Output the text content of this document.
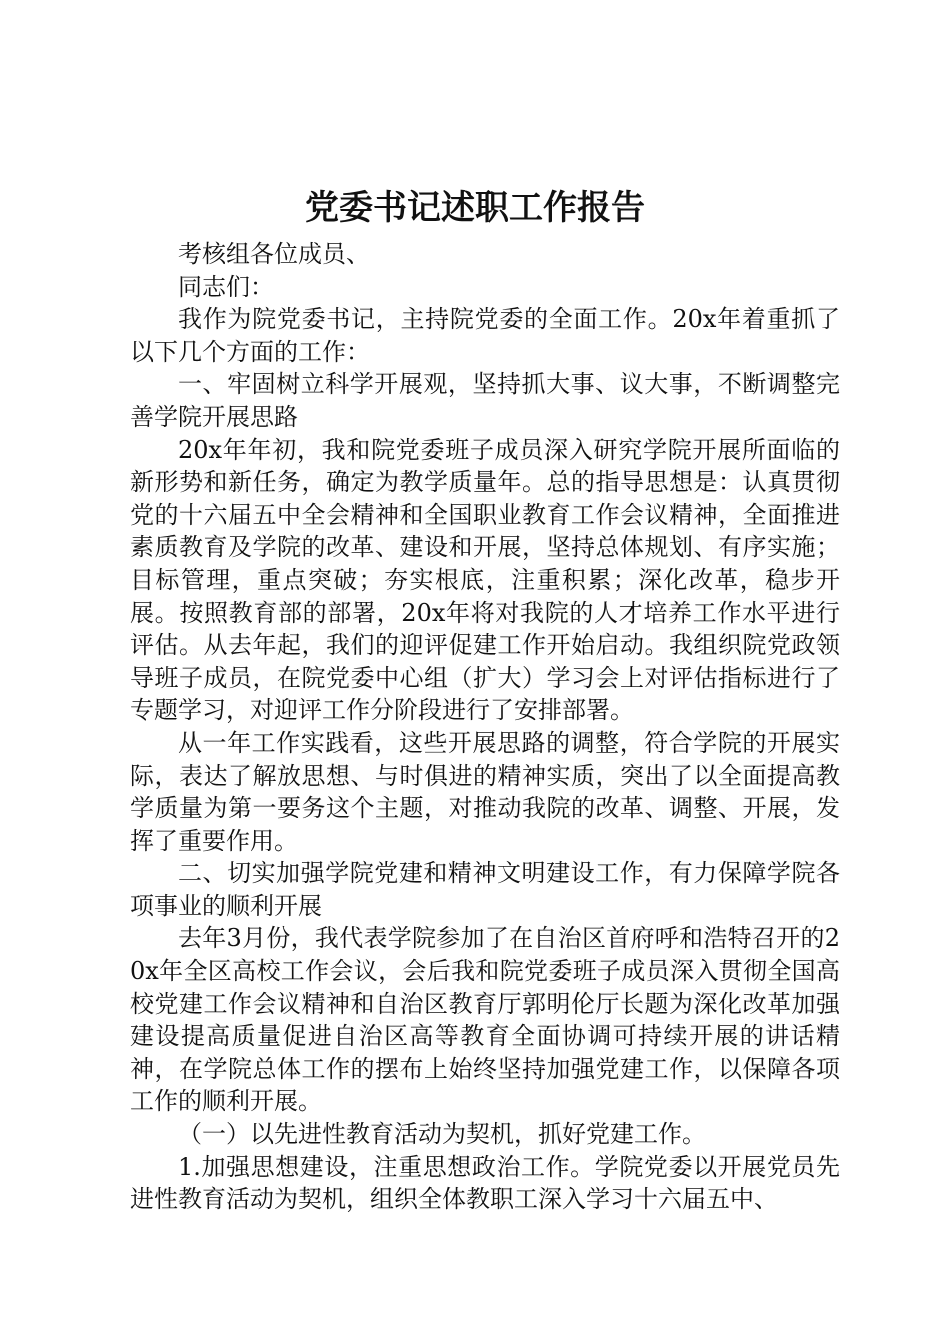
党委书记述职工作报告

考核组各位成员、

同志们：

我作为院党委书记，主持院党委的全面工作。20x年着重抓了以下几个方面的工作：

一、牢固树立科学开展观，坚持抓大事、议大事，不断调整完善学院开展思路

20x年年初，我和院党委班子成员深入研究学院开展所面临的新形势和新任务，确定为教学质量年。总的指导思想是：认真贯彻党的十六届五中全会精神和全国职业教育工作会议精神，全面推进素质教育及学院的改革、建设和开展，坚持总体规划、有序实施；目标管理，重点突破；夯实根底，注重积累；深化改革，稳步开展。按照教育部的部署，20x年将对我院的人才培养工作水平进行评估。从去年起，我们的迎评促建工作开始启动。我组织院党政领导班子成员，在院党委中心组（扩大）学习会上对评估指标进行了专题学习，对迎评工作分阶段进行了安排部署。

从一年工作实践看，这些开展思路的调整，符合学院的开展实际，表达了解放思想、与时俱进的精神实质，突出了以全面提高教学质量为第一要务这个主题，对推动我院的改革、调整、开展，发挥了重要作用。

二、切实加强学院党建和精神文明建设工作，有力保障学院各项事业的顺利开展

去年3月份，我代表学院参加了在自治区首府呼和浩特召开的20x年全区高校工作会议，会后我和院党委班子成员深入贯彻全国高校党建工作会议精神和自治区教育厅郭明伦厅长题为深化改革加强建设提高质量促进自治区高等教育全面协调可持续开展的讲话精神，在学院总体工作的摆布上始终坚持加强党建工作，以保障各项工作的顺利开展。

（一）以先进性教育活动为契机，抓好党建工作。

1.加强思想建设，注重思想政治工作。学院党委以开展党员先进性教育活动为契机，组织全体教职工深入学习十六届五中、
